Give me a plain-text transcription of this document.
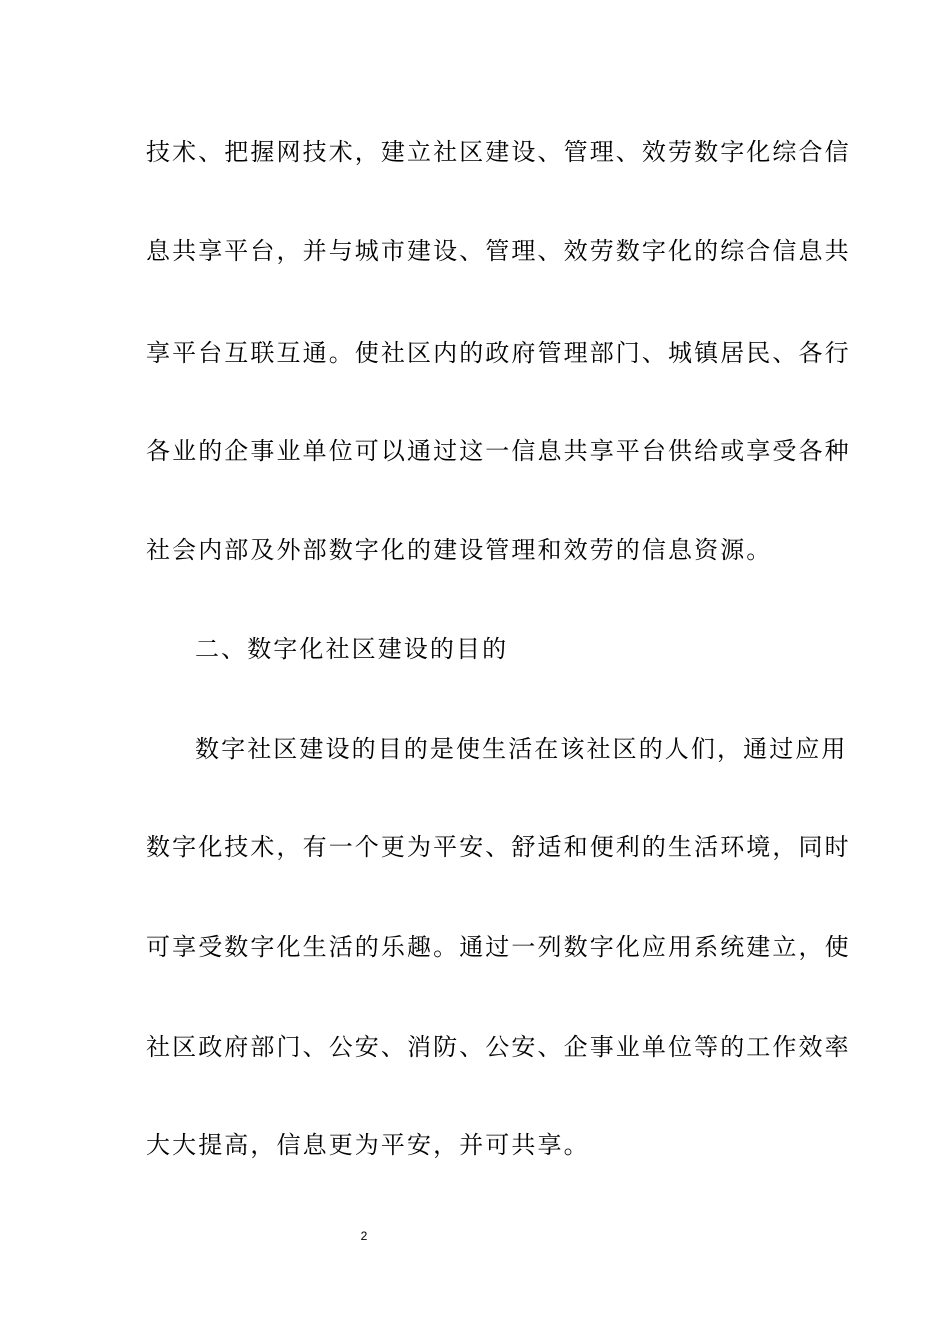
技术、把握网技术，建立社区建设、管理、效劳数字化综合信
息共享平台，并与城市建设、管理、效劳数字化的综合信息共
享平台互联互通。使社区内的政府管理部门、城镇居民、各行
各业的企事业单位可以通过这一信息共享平台供给或享受各种
社会内部及外部数字化的建设管理和效劳的信息资源。
二、数字化社区建设的目的
数字社区建设的目的是使生活在该社区的人们，通过应用
数字化技术，有一个更为平安、舒适和便利的生活环境，同时
可享受数字化生活的乐趣。通过一列数字化应用系统建立，使
社区政府部门、公安、消防、公安、企事业单位等的工作效率
大大提高，信息更为平安，并可共享。
2
